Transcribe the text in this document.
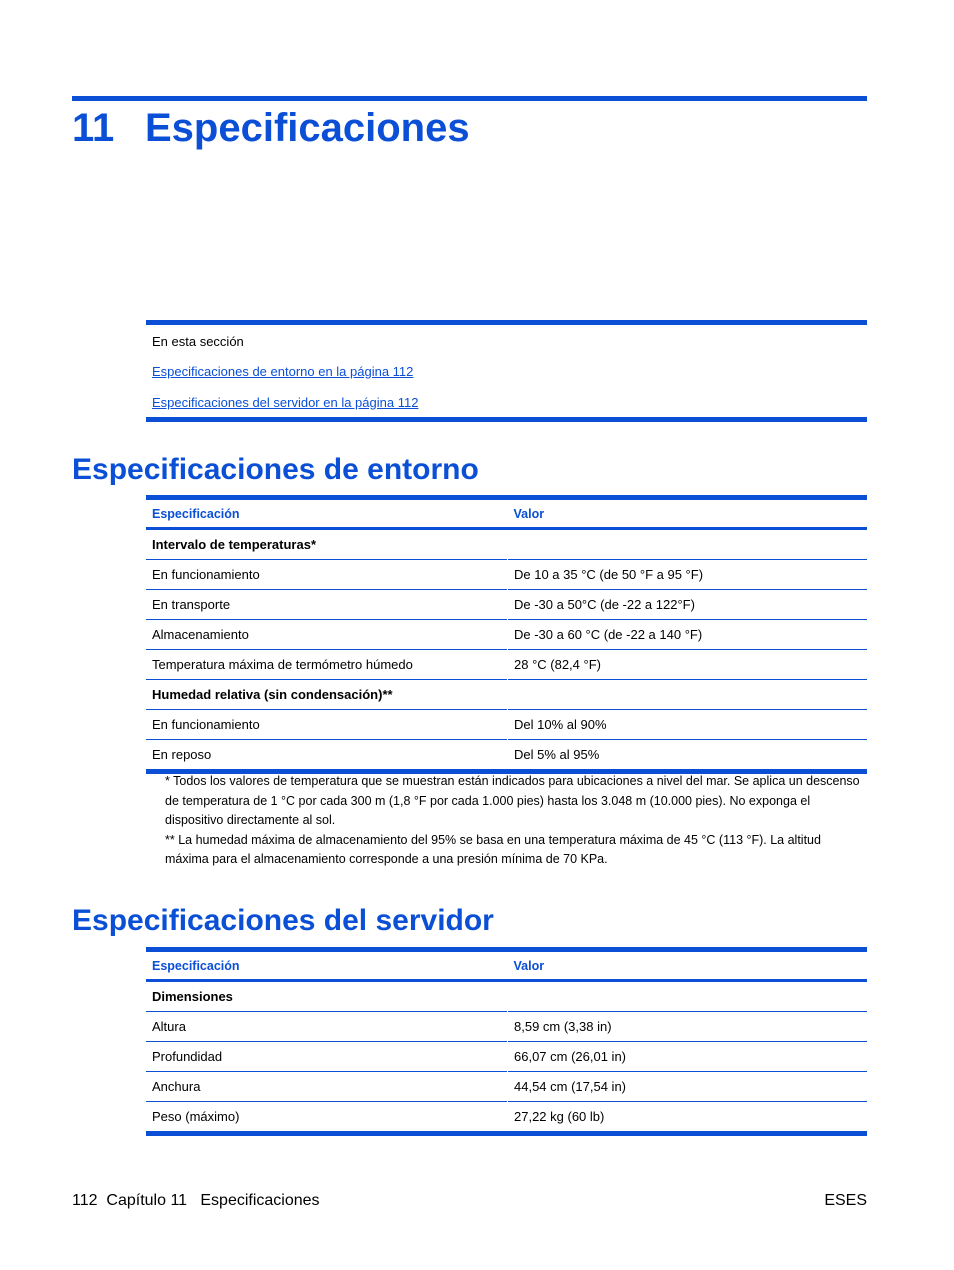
11 Especificaciones
En esta sección
Especificaciones de entorno en la página 112
Especificaciones del servidor en la página 112
Especificaciones de entorno
Especificación	Valor
Intervalo de temperaturas*	
En funcionamiento	De 10 a 35 °C (de 50 °F a 95 °F)
En transporte	De -30 a 50°C (de -22 a 122°F)
Almacenamiento	De -30 a 60 °C (de -22 a 140 °F)
Temperatura máxima de termómetro húmedo	28 °C (82,4 °F)
Humedad relativa (sin condensación)**	
En funcionamiento	Del 10% al 90%
En reposo	Del 5% al 95%
* Todos los valores de temperatura que se muestran están indicados para ubicaciones a nivel del mar. Se aplica un descenso de temperatura de 1 °C por cada 300 m (1,8 °F por cada 1.000 pies) hasta los 3.048 m (10.000 pies). No exponga el dispositivo directamente al sol.
** La humedad máxima de almacenamiento del 95% se basa en una temperatura máxima de 45 °C (113 °F). La altitud máxima para el almacenamiento corresponde a una presión mínima de 70 KPa.
Especificaciones del servidor
Especificación	Valor
Dimensiones	
Altura	8,59 cm (3,38 in)
Profundidad	66,07 cm (26,01 in)
Anchura	44,54 cm (17,54 in)
Peso (máximo)	27,22 kg (60 lb)
112  Capítulo 11   Especificaciones	ESES
